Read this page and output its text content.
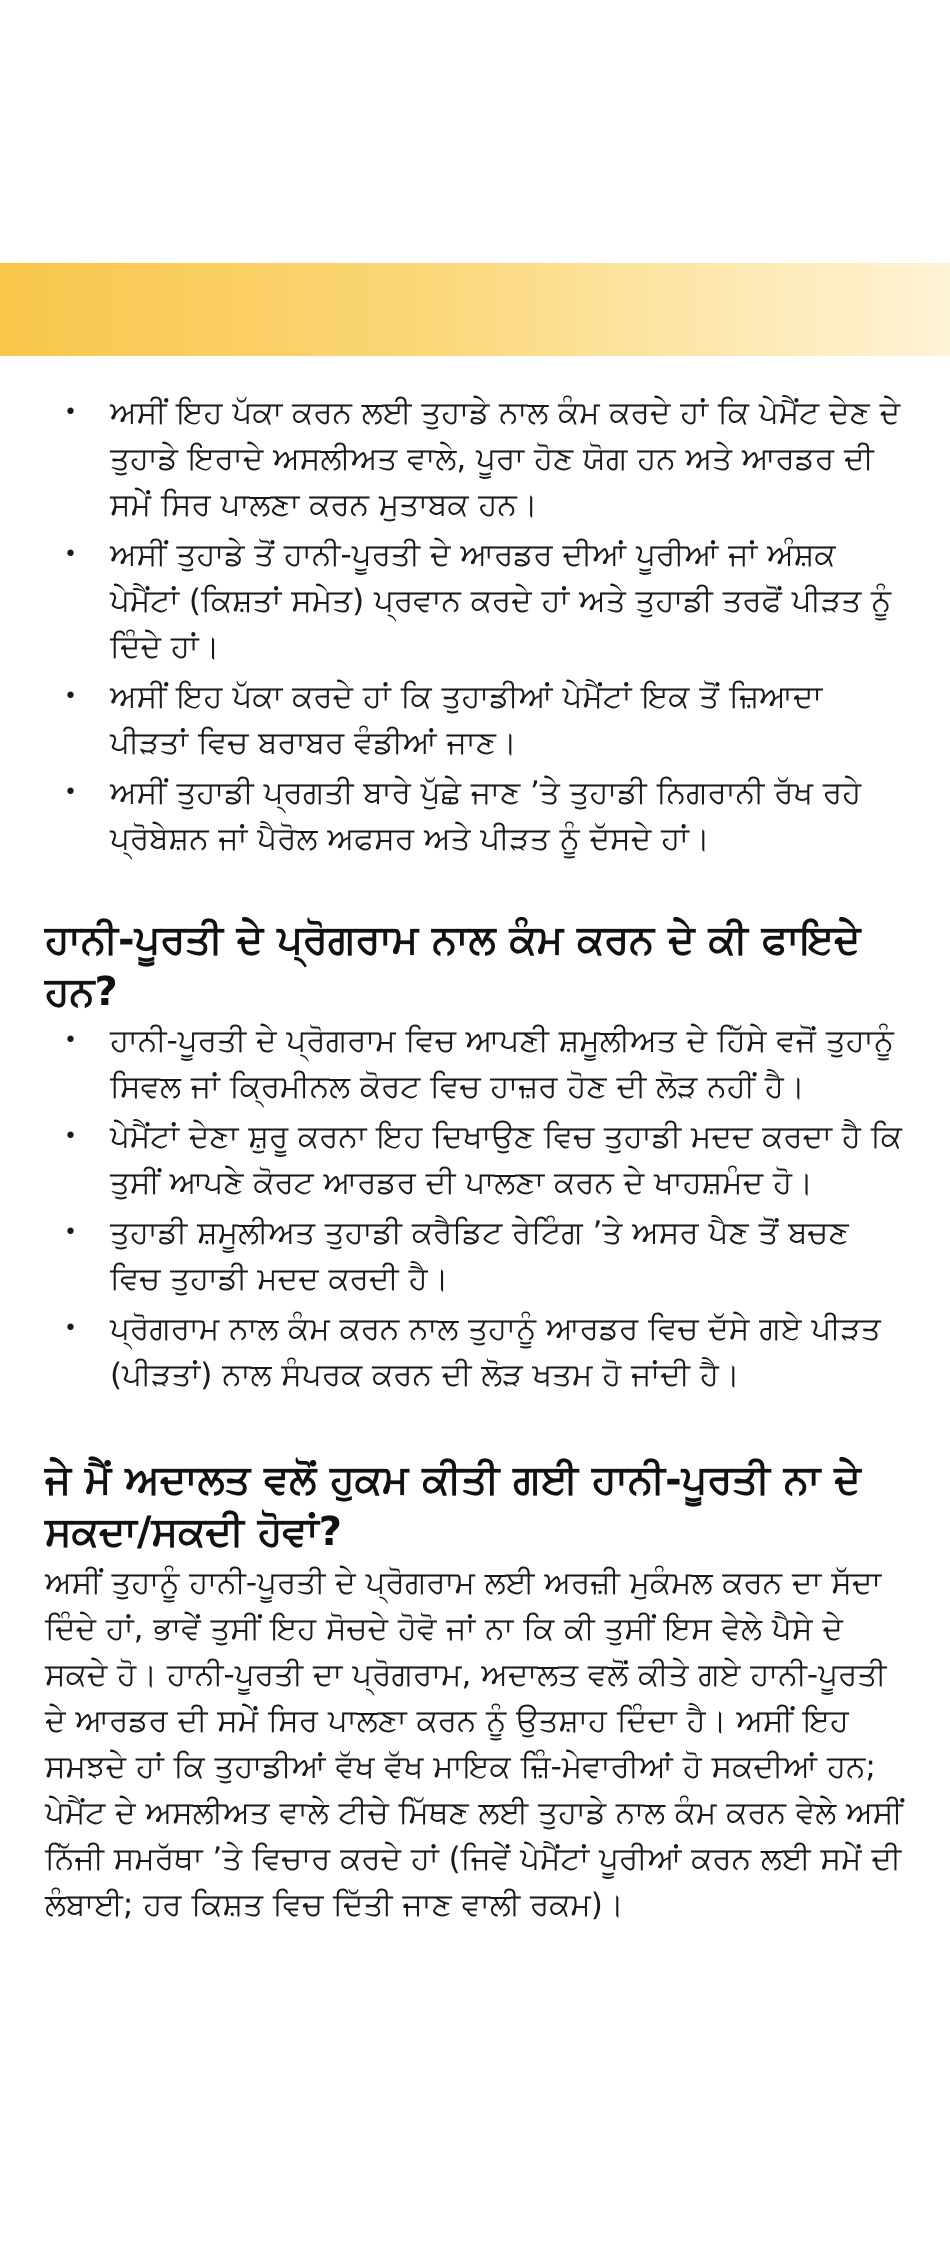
• ਅਸੀਂ ਇਹ ਪੱਕਾ ਕਰਨ ਲਈ ਤੁਹਾਡੇ ਨਾਲ ਕੰਮ ਕਰਦੇ ਹਾਂ ਕਿ ਪੇਮੈਂਟ ਦੇਣ ਦੇ ਤੁਹਾਡੇ ਇਰਾਦੇ ਅਸਲੀਅਤ ਵਾਲੇ, ਪੂਰਾ ਹੋਣ ਯੋਗ ਹਨ ਅਤੇ ਆਰਡਰ ਦੀ ਸਮੇਂ ਸਿਰ ਪਾਲਣਾ ਕਰਨ ਮੁਤਾਬਕ ਹਨ।
• ਅਸੀਂ ਤੁਹਾਡੇ ਤੋਂ ਹਾਨੀ-ਪੂਰਤੀ ਦੇ ਆਰਡਰ ਦੀਆਂ ਪੂਰੀਆਂ ਜਾਂ ਅੰਸ਼ਕ ਪੇਮੈਂਟਾਂ (ਕਿਸ਼ਤਾਂ ਸਮੇਤ) ਪ੍ਰਵਾਨ ਕਰਦੇ ਹਾਂ ਅਤੇ ਤੁਹਾਡੀ ਤਰਫੋਂ ਪੀੜਤ ਨੂੰ ਦਿੰਦੇ ਹਾਂ।
• ਅਸੀਂ ਇਹ ਪੱਕਾ ਕਰਦੇ ਹਾਂ ਕਿ ਤੁਹਾਡੀਆਂ ਪੇਮੈਂਟਾਂ ਇਕ ਤੋਂ ਜ਼ਿਆਦਾ ਪੀੜਤਾਂ ਵਿਚ ਬਰਾਬਰ ਵੰਡੀਆਂ ਜਾਣ।
• ਅਸੀਂ ਤੁਹਾਡੀ ਪ੍ਰਗਤੀ ਬਾਰੇ ਪੁੱਛੇ ਜਾਣ ’ਤੇ ਤੁਹਾਡੀ ਨਿਗਰਾਨੀ ਰੱਖ ਰਹੇ ਪ੍ਰੋਬੇਸ਼ਨ ਜਾਂ ਪੈਰੋਲ ਅਫਸਰ ਅਤੇ ਪੀੜਤ ਨੂੰ ਦੱਸਦੇ ਹਾਂ।
ਹਾਨੀ-ਪੂਰਤੀ ਦੇ ਪ੍ਰੋਗਰਾਮ ਨਾਲ ਕੰਮ ਕਰਨ ਦੇ ਕੀ ਫਾਇਦੇ ਹਨ?
• ਹਾਨੀ-ਪੂਰਤੀ ਦੇ ਪ੍ਰੋਗਰਾਮ ਵਿਚ ਆਪਣੀ ਸ਼ਮੂਲੀਅਤ ਦੇ ਹਿੱਸੇ ਵਜੋਂ ਤੁਹਾਨੂੰ ਸਿਵਲ ਜਾਂ ਕ੍ਰਿਮੀਨਲ ਕੋਰਟ ਵਿਚ ਹਾਜ਼ਰ ਹੋਣ ਦੀ ਲੋੜ ਨਹੀਂ ਹੈ।
• ਪੇਮੈਂਟਾਂ ਦੇਣਾ ਸ਼ੁਰੂ ਕਰਨਾ ਇਹ ਦਿਖਾਉਣ ਵਿਚ ਤੁਹਾਡੀ ਮਦਦ ਕਰਦਾ ਹੈ ਕਿ ਤੁਸੀਂ ਆਪਣੇ ਕੋਰਟ ਆਰਡਰ ਦੀ ਪਾਲਣਾ ਕਰਨ ਦੇ ਖਾਹਸ਼ਮੰਦ ਹੋ।
• ਤੁਹਾਡੀ ਸ਼ਮੂਲੀਅਤ ਤੁਹਾਡੀ ਕਰੈਡਿਟ ਰੇਟਿੰਗ ’ਤੇ ਅਸਰ ਪੈਣ ਤੋਂ ਬਚਣ ਵਿਚ ਤੁਹਾਡੀ ਮਦਦ ਕਰਦੀ ਹੈ।
• ਪ੍ਰੋਗਰਾਮ ਨਾਲ ਕੰਮ ਕਰਨ ਨਾਲ ਤੁਹਾਨੂੰ ਆਰਡਰ ਵਿਚ ਦੱਸੇ ਗਏ ਪੀੜਤ (ਪੀੜਤਾਂ) ਨਾਲ ਸੰਪਰਕ ਕਰਨ ਦੀ ਲੋੜ ਖਤਮ ਹੋ ਜਾਂਦੀ ਹੈ।
ਜੇ ਮੈਂ ਅਦਾਲਤ ਵਲੋਂ ਹੁਕਮ ਕੀਤੀ ਗਈ ਹਾਨੀ-ਪੂਰਤੀ ਨਾ ਦੇ ਸਕਦਾ/ਸਕਦੀ ਹੋਵਾਂ?

ਅਸੀਂ ਤੁਹਾਨੂੰ ਹਾਨੀ-ਪੂਰਤੀ ਦੇ ਪ੍ਰੋਗਰਾਮ ਲਈ ਅਰਜ਼ੀ ਮੁਕੰਮਲ ਕਰਨ ਦਾ ਸੱਦਾ ਦਿੰਦੇ ਹਾਂ, ਭਾਵੇਂ ਤੁਸੀਂ ਇਹ ਸੋਚਦੇ ਹੋਵੋ ਜਾਂ ਨਾ ਕਿ ਕੀ ਤੁਸੀਂ ਇਸ ਵੇਲੇ ਪੈਸੇ ਦੇ ਸਕਦੇ ਹੋ। ਹਾਨੀ-ਪੂਰਤੀ ਦਾ ਪ੍ਰੋਗਰਾਮ, ਅਦਾਲਤ ਵਲੋਂ ਕੀਤੇ ਗਏ ਹਾਨੀ-ਪੂਰਤੀ ਦੇ ਆਰਡਰ ਦੀ ਸਮੇਂ ਸਿਰ ਪਾਲਣਾ ਕਰਨ ਨੂੰ ਉਤਸ਼ਾਹ ਦਿੰਦਾ ਹੈ। ਅਸੀਂ ਇਹ ਸਮਝਦੇ ਹਾਂ ਕਿ ਤੁਹਾਡੀਆਂ ਵੱਖ ਵੱਖ ਮਾਇਕ ਜ਼ਿੰ-ਮੇਵਾਰੀਆਂ ਹੋ ਸਕਦੀਆਂ ਹਨ; ਪੇਮੈਂਟ ਦੇ ਅਸਲੀਅਤ ਵਾਲੇ ਟੀਚੇ ਮਿੱਥਣ ਲਈ ਤੁਹਾਡੇ ਨਾਲ ਕੰਮ ਕਰਨ ਵੇਲੇ ਅਸੀਂ ਨਿੱਜੀ ਸਮਰੱਥਾ ’ਤੇ ਵਿਚਾਰ ਕਰਦੇ ਹਾਂ (ਜਿਵੇਂ ਪੇਮੈਂਟਾਂ ਪੂਰੀਆਂ ਕਰਨ ਲਈ ਸਮੇਂ ਦੀ ਲੰਬਾਈ; ਹਰ ਕਿਸ਼ਤ ਵਿਚ ਦਿੱਤੀ ਜਾਣ ਵਾਲੀ ਰਕਮ)।
